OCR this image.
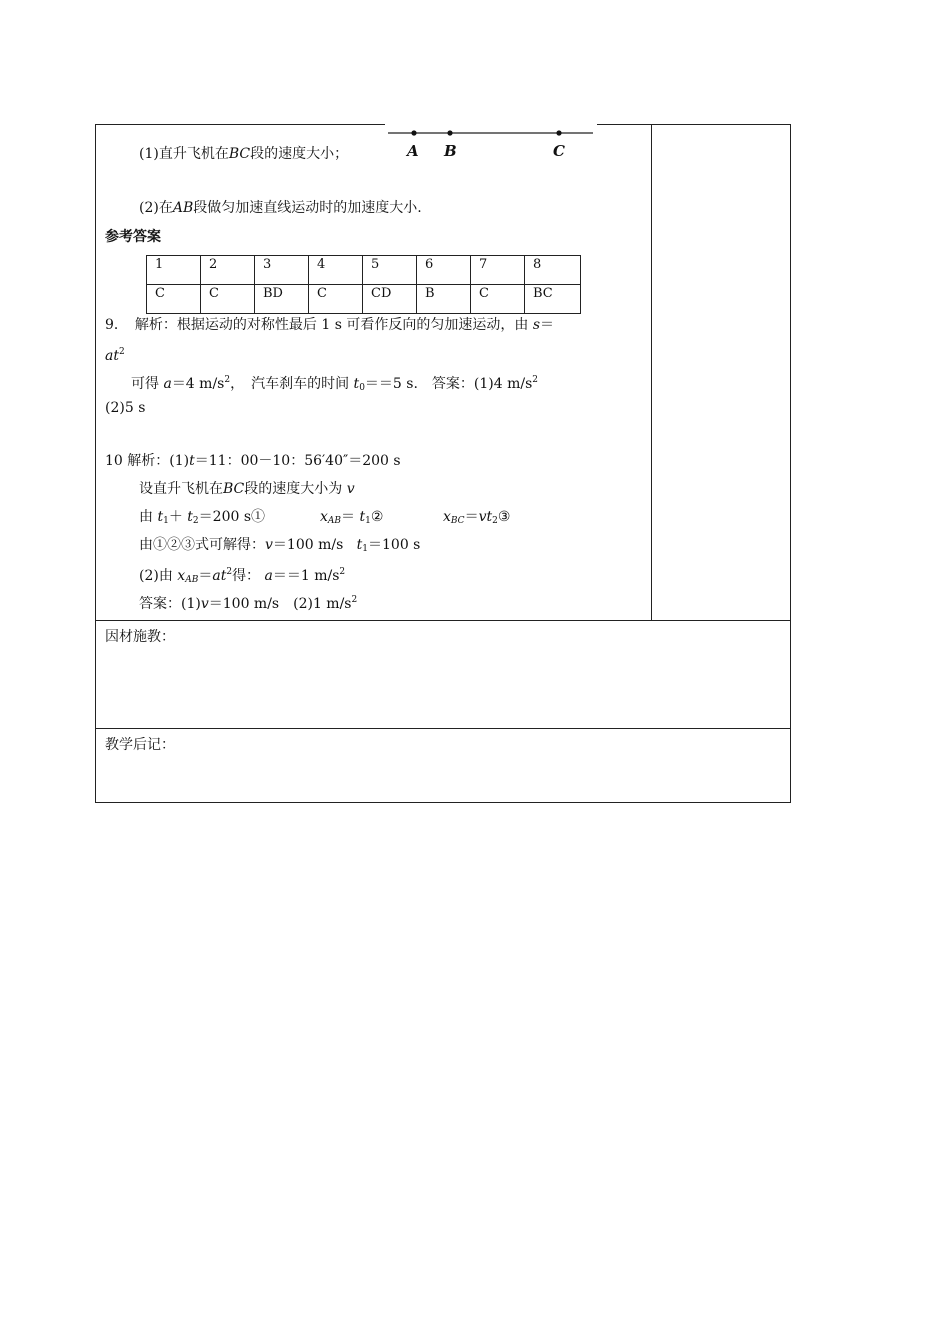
A B	C
(1)直升飞机在BC段的速度大小；
(2)在AB段做匀加速直线运动时的加速度大小.
参考答案
1	2	3	4	5	6	7	8
C	C	BD	C	CD	B	C	BC
9．　解析：根据运动的对称性最后 1 s 可看作反向的匀加速运动，由 s＝
$at^2$
可得 a＝4 $m/s^2$，　汽车刹车的时间 $t_0==5$ s.　答案：(1)4 $m/s^2$
(2)5 s
10 解析：(1)t＝11：00－10：56′40″＝200 s
设直升飞机在BC段的速度大小为 v
由 $t_1+ t_2=200$ s①	$x_{AB}=$ $t_1②$	$x_{BC}=vt_2③$
由①②③式可解得：v＝100 m/s $t_1=100$ s
(2)由 $x_{AB}=at^2$得： a＝＝1 $m/s^2$
答案：(1)v＝100 m/s　(2)1 $m/s^2$
因材施教：
教学后记：
